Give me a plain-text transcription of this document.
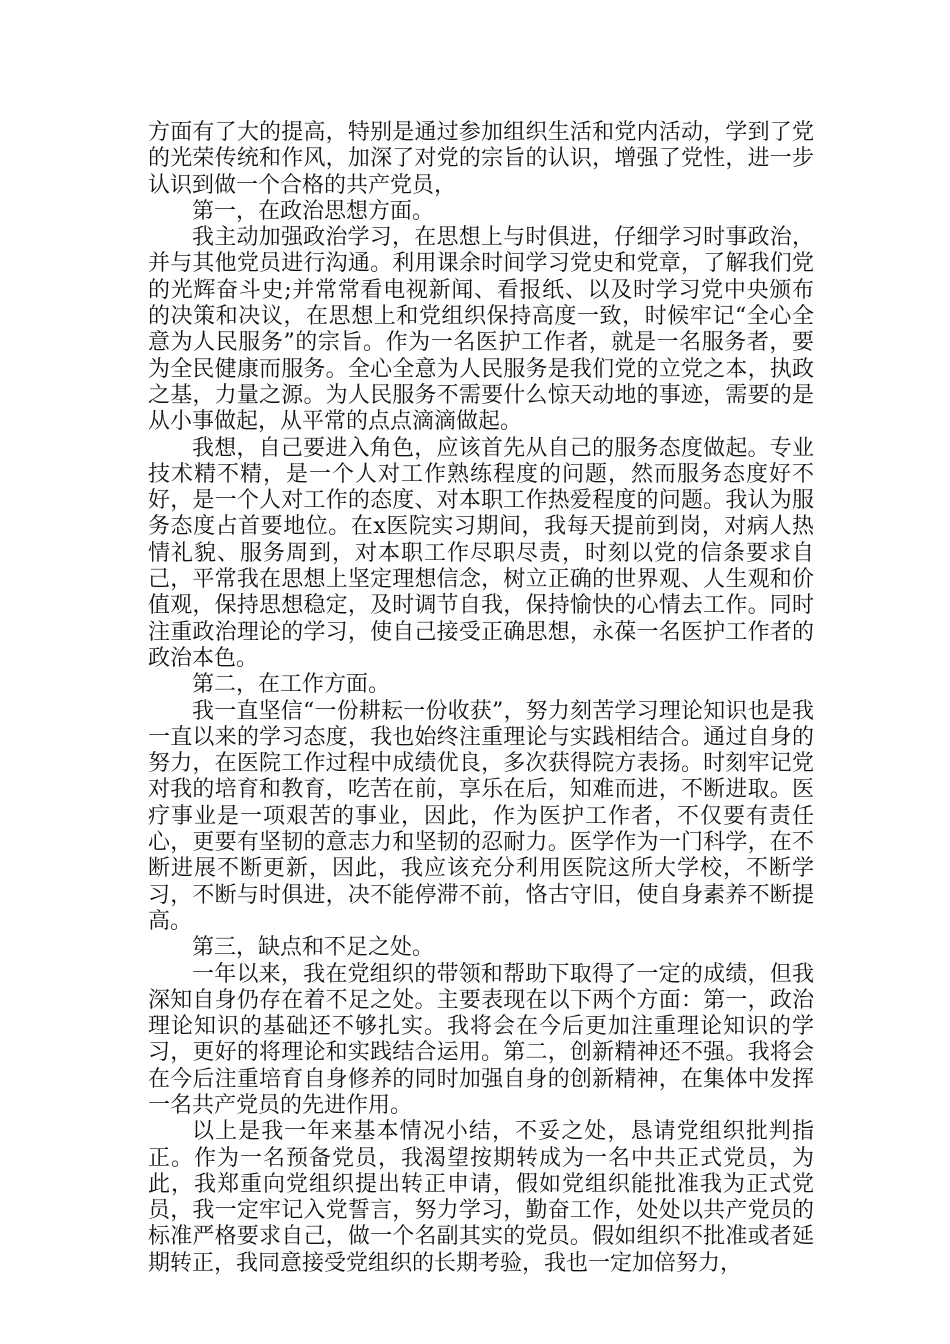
方面有了大的提高，特别是通过参加组织生活和党内活动，学到了党的光荣传统和作风，加深了对党的宗旨的认识，增强了党性，进一步认识到做一个合格的共产党员，

第一，在政治思想方面。

我主动加强政治学习，在思想上与时俱进，仔细学习时事政治，并与其他党员进行沟通。利用课余时间学习党史和党章，了解我们党的光辉奋斗史;并常常看电视新闻、看报纸、以及时学习党中央颁布的决策和决议，在思想上和党组织保持高度一致，时候牢记“全心全意为人民服务”的宗旨。作为一名医护工作者，就是一名服务者，要为全民健康而服务。全心全意为人民服务是我们党的立党之本，执政之基，力量之源。为人民服务不需要什么惊天动地的事迹，需要的是从小事做起，从平常的点点滴滴做起。

我想，自己要进入角色，应该首先从自己的服务态度做起。专业技术精不精，是一个人对工作熟练程度的问题，然而服务态度好不好，是一个人对工作的态度、对本职工作热爱程度的问题。我认为服务态度占首要地位。在x医院实习期间，我每天提前到岗，对病人热情礼貌、服务周到，对本职工作尽职尽责，时刻以党的信条要求自己，平常我在思想上坚定理想信念，树立正确的世界观、人生观和价值观，保持思想稳定，及时调节自我，保持愉快的心情去工作。同时注重政治理论的学习，使自己接受正确思想，永葆一名医护工作者的政治本色。

第二，在工作方面。

我一直坚信“一份耕耘一份收获”，努力刻苦学习理论知识也是我一直以来的学习态度，我也始终注重理论与实践相结合。通过自身的努力，在医院工作过程中成绩优良，多次获得院方表扬。时刻牢记党对我的培育和教育，吃苦在前，享乐在后，知难而进，不断进取。医疗事业是一项艰苦的事业，因此，作为医护工作者，不仅要有责任心，更要有坚韧的意志力和坚韧的忍耐力。医学作为一门科学，在不断进展不断更新，因此，我应该充分利用医院这所大学校，不断学习，不断与时俱进，决不能停滞不前，恪古守旧，使自身素养不断提高。

第三，缺点和不足之处。

一年以来，我在党组织的带领和帮助下取得了一定的成绩，但我深知自身仍存在着不足之处。主要表现在以下两个方面：第一，政治理论知识的基础还不够扎实。我将会在今后更加注重理论知识的学习，更好的将理论和实践结合运用。第二，创新精神还不强。我将会在今后注重培育自身修养的同时加强自身的创新精神，在集体中发挥一名共产党员的先进作用。

以上是我一年来基本情况小结，不妥之处，恳请党组织批判指正。作为一名预备党员，我渴望按期转成为一名中共正式党员，为此，我郑重向党组织提出转正申请，假如党组织能批准我为正式党员，我一定牢记入党誓言，努力学习，勤奋工作，处处以共产党员的标准严格要求自己，做一个名副其实的党员。假如组织不批准或者延期转正，我同意接受党组织的长期考验，我也一定加倍努力，
